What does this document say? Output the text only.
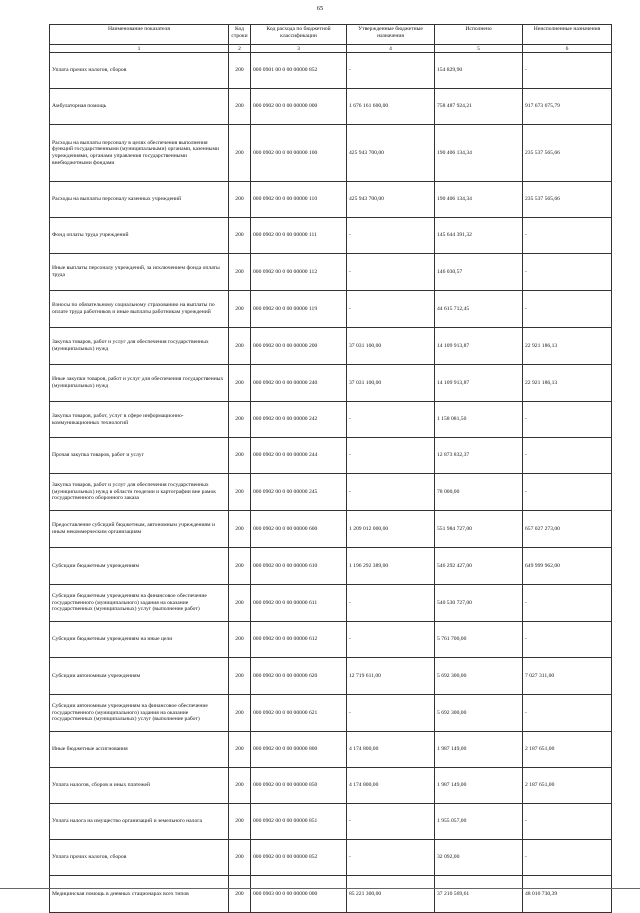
65
Наименование показателя	Код строки	Код расхода по бюджетной классификации	Утвержденные бюджетные назначения	Исполнено	Неисполненные назначения
1	2	3	4	5	6
Уплата прочих налогов, сборов	200	000 0901 00 0 00 00000 852	-	154 829,90	-
Амбулаторная помощь	200	000 0902 00 0 00 00000 000	1 676 161 600,00	758 487 924,21	917 673 675,79
Расходы на выплаты персоналу в целях обеспечения выполнения функций государственными (муниципальными) органами, казенными учреждениями, органами управления государственными внебюджетными фондами	200	000 0902 00 0 00 00000 100	425 943 700,00	190 406 134,34	235 537 565,66
Расходы на выплаты персоналу казенных учреждений	200	000 0902 00 0 00 00000 110	425 943 700,00	190 406 134,34	235 537 565,66
Фонд оплаты труда учреждений	200	000 0902 00 0 00 00000 111	-	145 644 391,32	-
Иные выплаты персоналу учреждений, за исключением фонда оплаты труда	200	000 0902 00 0 00 00000 112	-	146 030,57	-
Взносы по обязательному социальному страхованию на выплаты по оплате труда работников и иные выплаты работникам учреждений	200	000 0902 00 0 00 00000 119	-	44 615 712,45	-
Закупка товаров, работ и услуг для обеспечения государственных (муниципальных) нужд	200	000 0902 00 0 00 00000 200	37 031 100,00	14 109 913,87	22 921 186,13
Иные закупки товаров, работ и услуг для обеспечения государственных (муниципальных) нужд	200	000 0902 00 0 00 00000 240	37 031 100,00	14 109 913,87	22 921 186,13
Закупка товаров, работ, услуг в сфере информационно-коммуникационных технологий	200	000 0902 00 0 00 00000 242	-	1 158 081,50	-
Прочая закупка товаров, работ и услуг	200	000 0902 00 0 00 00000 244	-	12 873 832,37	-
Закупка товаров, работ и услуг для обеспечения государственных (муниципальных) нужд в области геодезии и картографии вне рамок государственного оборонного заказа	200	000 0902 00 0 00 00000 245	-	78 000,00	-
Предоставление субсидий бюджетным, автономным учреждениям и иным некоммерческим организациям	200	000 0902 00 0 00 00000 600	1 209 012 000,00	551 984 727,00	657 027 273,00
Субсидии бюджетным учреждениям	200	000 0902 00 0 00 00000 610	1 196 292 389,00	546 292 427,00	649 999 962,00
Субсидии бюджетным учреждениям на финансовое обеспечение государственного (муниципального) задания на оказание государственных (муниципальных) услуг (выполнение работ)	200	000 0902 00 0 00 00000 611	-	540 530 727,00	-
Субсидии бюджетным учреждениям на иные цели	200	000 0902 00 0 00 00000 612	-	5 761 700,00	-
Субсидии автономным учреждениям	200	000 0902 00 0 00 00000 620	12 719 611,00	5 692 300,00	7 027 311,00
Субсидии автономным учреждениям на финансовое обеспечение государственного (муниципального) задания на оказание государственных (муниципальных) услуг (выполнение работ)	200	000 0902 00 0 00 00000 621	-	5 692 300,00	-
Иные бюджетные ассигнования	200	000 0902 00 0 00 00000 800	4 174 800,00	1 987 149,00	2 187 651,00
Уплата налогов, сборов и иных платежей	200	000 0902 00 0 00 00000 850	4 174 800,00	1 987 149,00	2 187 651,00
Уплата налога на имущество организаций и земельного налога	200	000 0902 00 0 00 00000 851	-	1 955 057,00	-
Уплата прочих налогов, сборов	200	000 0902 00 0 00 00000 852	-	32 092,00	-
Медицинская помощь в дневных стационарах всех типов	200	000 0903 00 0 00 00000 000	85 221 300,00	37 210 569,61	48 010 730,39
